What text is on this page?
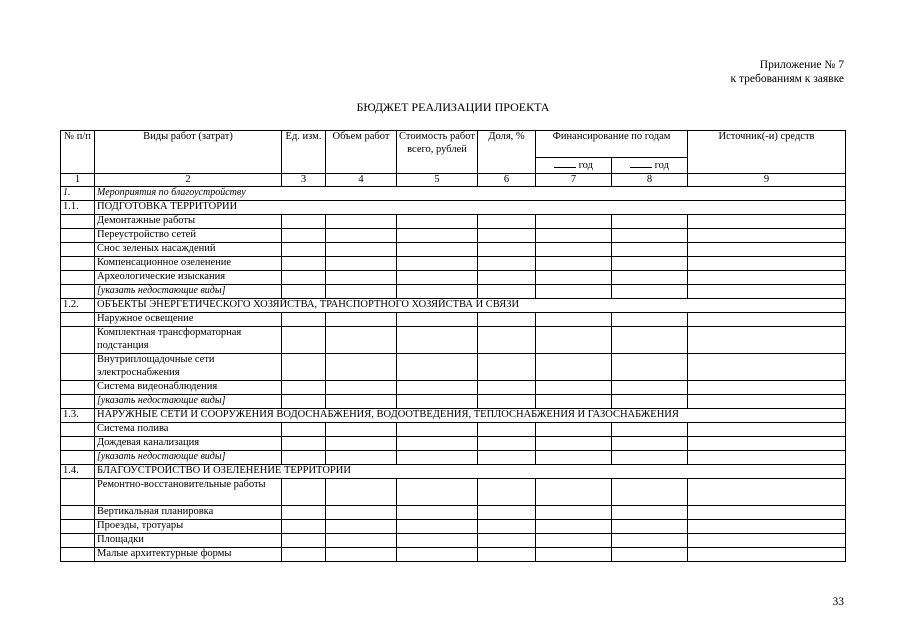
Приложение № 7
к требованиям к заявке
БЮДЖЕТ РЕАЛИЗАЦИИ ПРОЕКТА
№ п/п	Виды работ (затрат)	Ед. изм.	Объем работ	Стоимость работ всего, рублей	Доля, %	Финансирование по годам		Источник(-и) средств
						год	год	
1	2	3	4	5	6	7	8	9
1.	Мероприятия по благоустройству							
1.1.	ПОДГОТОВКА ТЕРРИТОРИИ							
	Демонтажные работы							
	Переустройство сетей							
	Снос зеленых насаждений							
	Компенсационное озеленение							
	Археологические изыскания							
	[указать недостающие виды]							
1.2.	ОБЪЕКТЫ ЭНЕРГЕТИЧЕСКОГО ХОЗЯЙСТВА, ТРАНСПОРТНОГО ХОЗЯЙСТВА И СВЯЗИ							
	Наружное освещение							
	Комплектная трансформаторная подстанция							
	Внутриплощадочные сети электроснабжения							
	Система видеонаблюдения							
	[указать недостающие виды]							
1.3.	НАРУЖНЫЕ СЕТИ И СООРУЖЕНИЯ ВОДОСНАБЖЕНИЯ, ВОДООТВЕДЕНИЯ, ТЕПЛОСНАБЖЕНИЯ И ГАЗОСНАБЖЕНИЯ							
	Система полива							
	Дождевая канализация							
	[указать недостающие виды]							
1.4.	БЛАГОУСТРОЙСТВО И ОЗЕЛЕНЕНИЕ ТЕРРИТОРИИ							
	Ремонтно-восстановительные работы							
	Вертикальная планировка							
	Проезды, тротуары							
	Площадки							
	Малые архитектурные формы							
33
